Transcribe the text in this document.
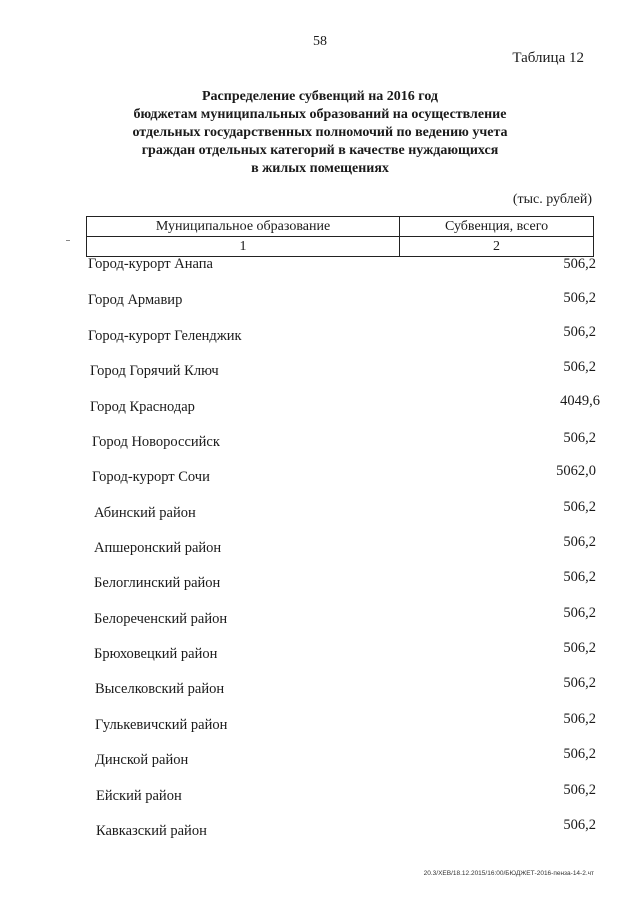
58
Таблица 12
Распределение субвенций на 2016 год
бюджетам муниципальных образований на осуществление
отдельных государственных полномочий по ведению учета
граждан отдельных категорий в качестве нуждающихся
в жилых помещениях
(тыс. рублей)
Муниципальное образование	Субвенция, всего
1	2
Город-курорт Анапа	506,2
Город Армавир	506,2
Город-курорт Геленджик	506,2
Город Горячий Ключ	506,2
Город Краснодар	4049,6
Город Новороссийск	506,2
Город-курорт Сочи	5062,0
Абинский район	506,2
Апшеронский район	506,2
Белоглинский район	506,2
Белореченский район	506,2
Брюховецкий район	506,2
Выселковский район	506,2
Гулькевичский район	506,2
Динской район	506,2
Ейский район	506,2
Кавказский район	506,2
20.3/ХЕВ/18.12.2015/16:00/БЮДЖЕТ-2016-пенза-14-2.чт
